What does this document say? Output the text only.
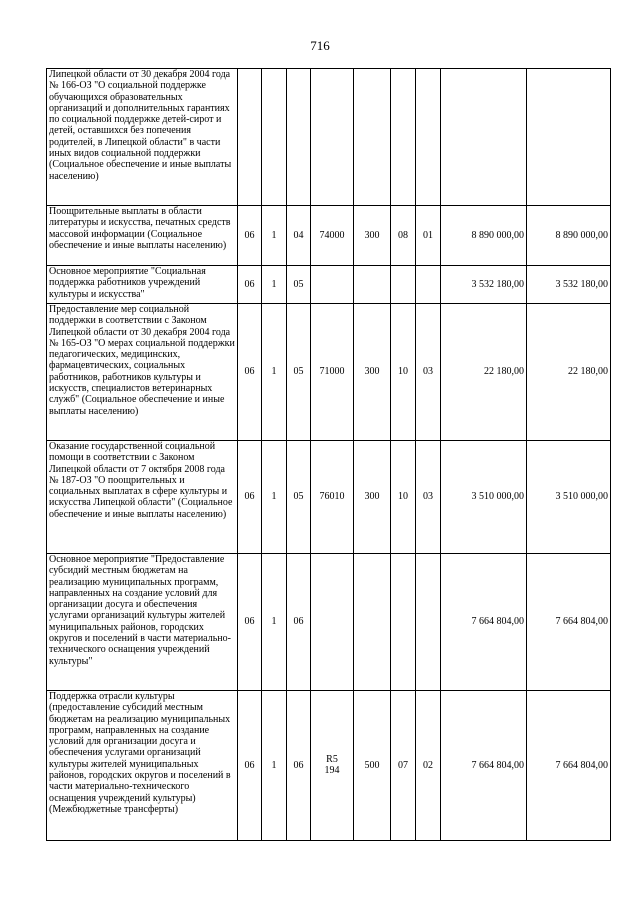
716
Липецкой области от 30 декабря 2004 года № 166-ОЗ "О социальной поддержке обучающихся образовательных организаций и дополнительных гарантиях по социальной поддержке детей-сирот и детей, оставшихся без попечения родителей, в Липецкой области" в части иных видов социальной поддержки (Социальное обеспечение и иные выплаты населению)									
Поощрительные выплаты в области литературы и искусства, печатных средств массовой информации (Социальное обеспечение и иные выплаты населению)	06	1	04	74000	300	08	01	8 890 000,00	8 890 000,00
Основное мероприятие "Социальная поддержка работников учреждений культуры и искусства"	06	1	05					3 532 180,00	3 532 180,00
Предоставление мер социальной поддержки в соответствии с Законом Липецкой области от 30 декабря 2004 года № 165-ОЗ "О мерах социальной поддержки педагогических, медицинских, фармацевтических, социальных работников, работников культуры и искусств, специалистов ветеринарных служб" (Социальное обеспечение и иные выплаты населению)	06	1	05	71000	300	10	03	22 180,00	22 180,00
Оказание государственной социальной помощи в соответствии с Законом Липецкой области от 7 октября 2008 года № 187-ОЗ "О поощрительных и социальных выплатах в сфере культуры и искусства Липецкой области" (Социальное обеспечение и иные выплаты населению)	06	1	05	76010	300	10	03	3 510 000,00	3 510 000,00
Основное мероприятие "Предоставление субсидий местным бюджетам на реализацию муниципальных программ, направленных на создание условий для организации досуга и обеспечения услугами организаций культуры жителей муниципальных районов, городских округов и поселений в части материально-технического оснащения учреждений культуры"	06	1	06					7 664 804,00	7 664 804,00
Поддержка отрасли культуры (предоставление субсидий местным бюджетам на реализацию муниципальных программ, направленных на создание условий для организации досуга и обеспечения услугами организаций культуры жителей муниципальных районов, городских округов и поселений в части материально-технического оснащения учреждений культуры) (Межбюджетные трансферты)	06	1	06	R5194	500	07	02	7 664 804,00	7 664 804,00
